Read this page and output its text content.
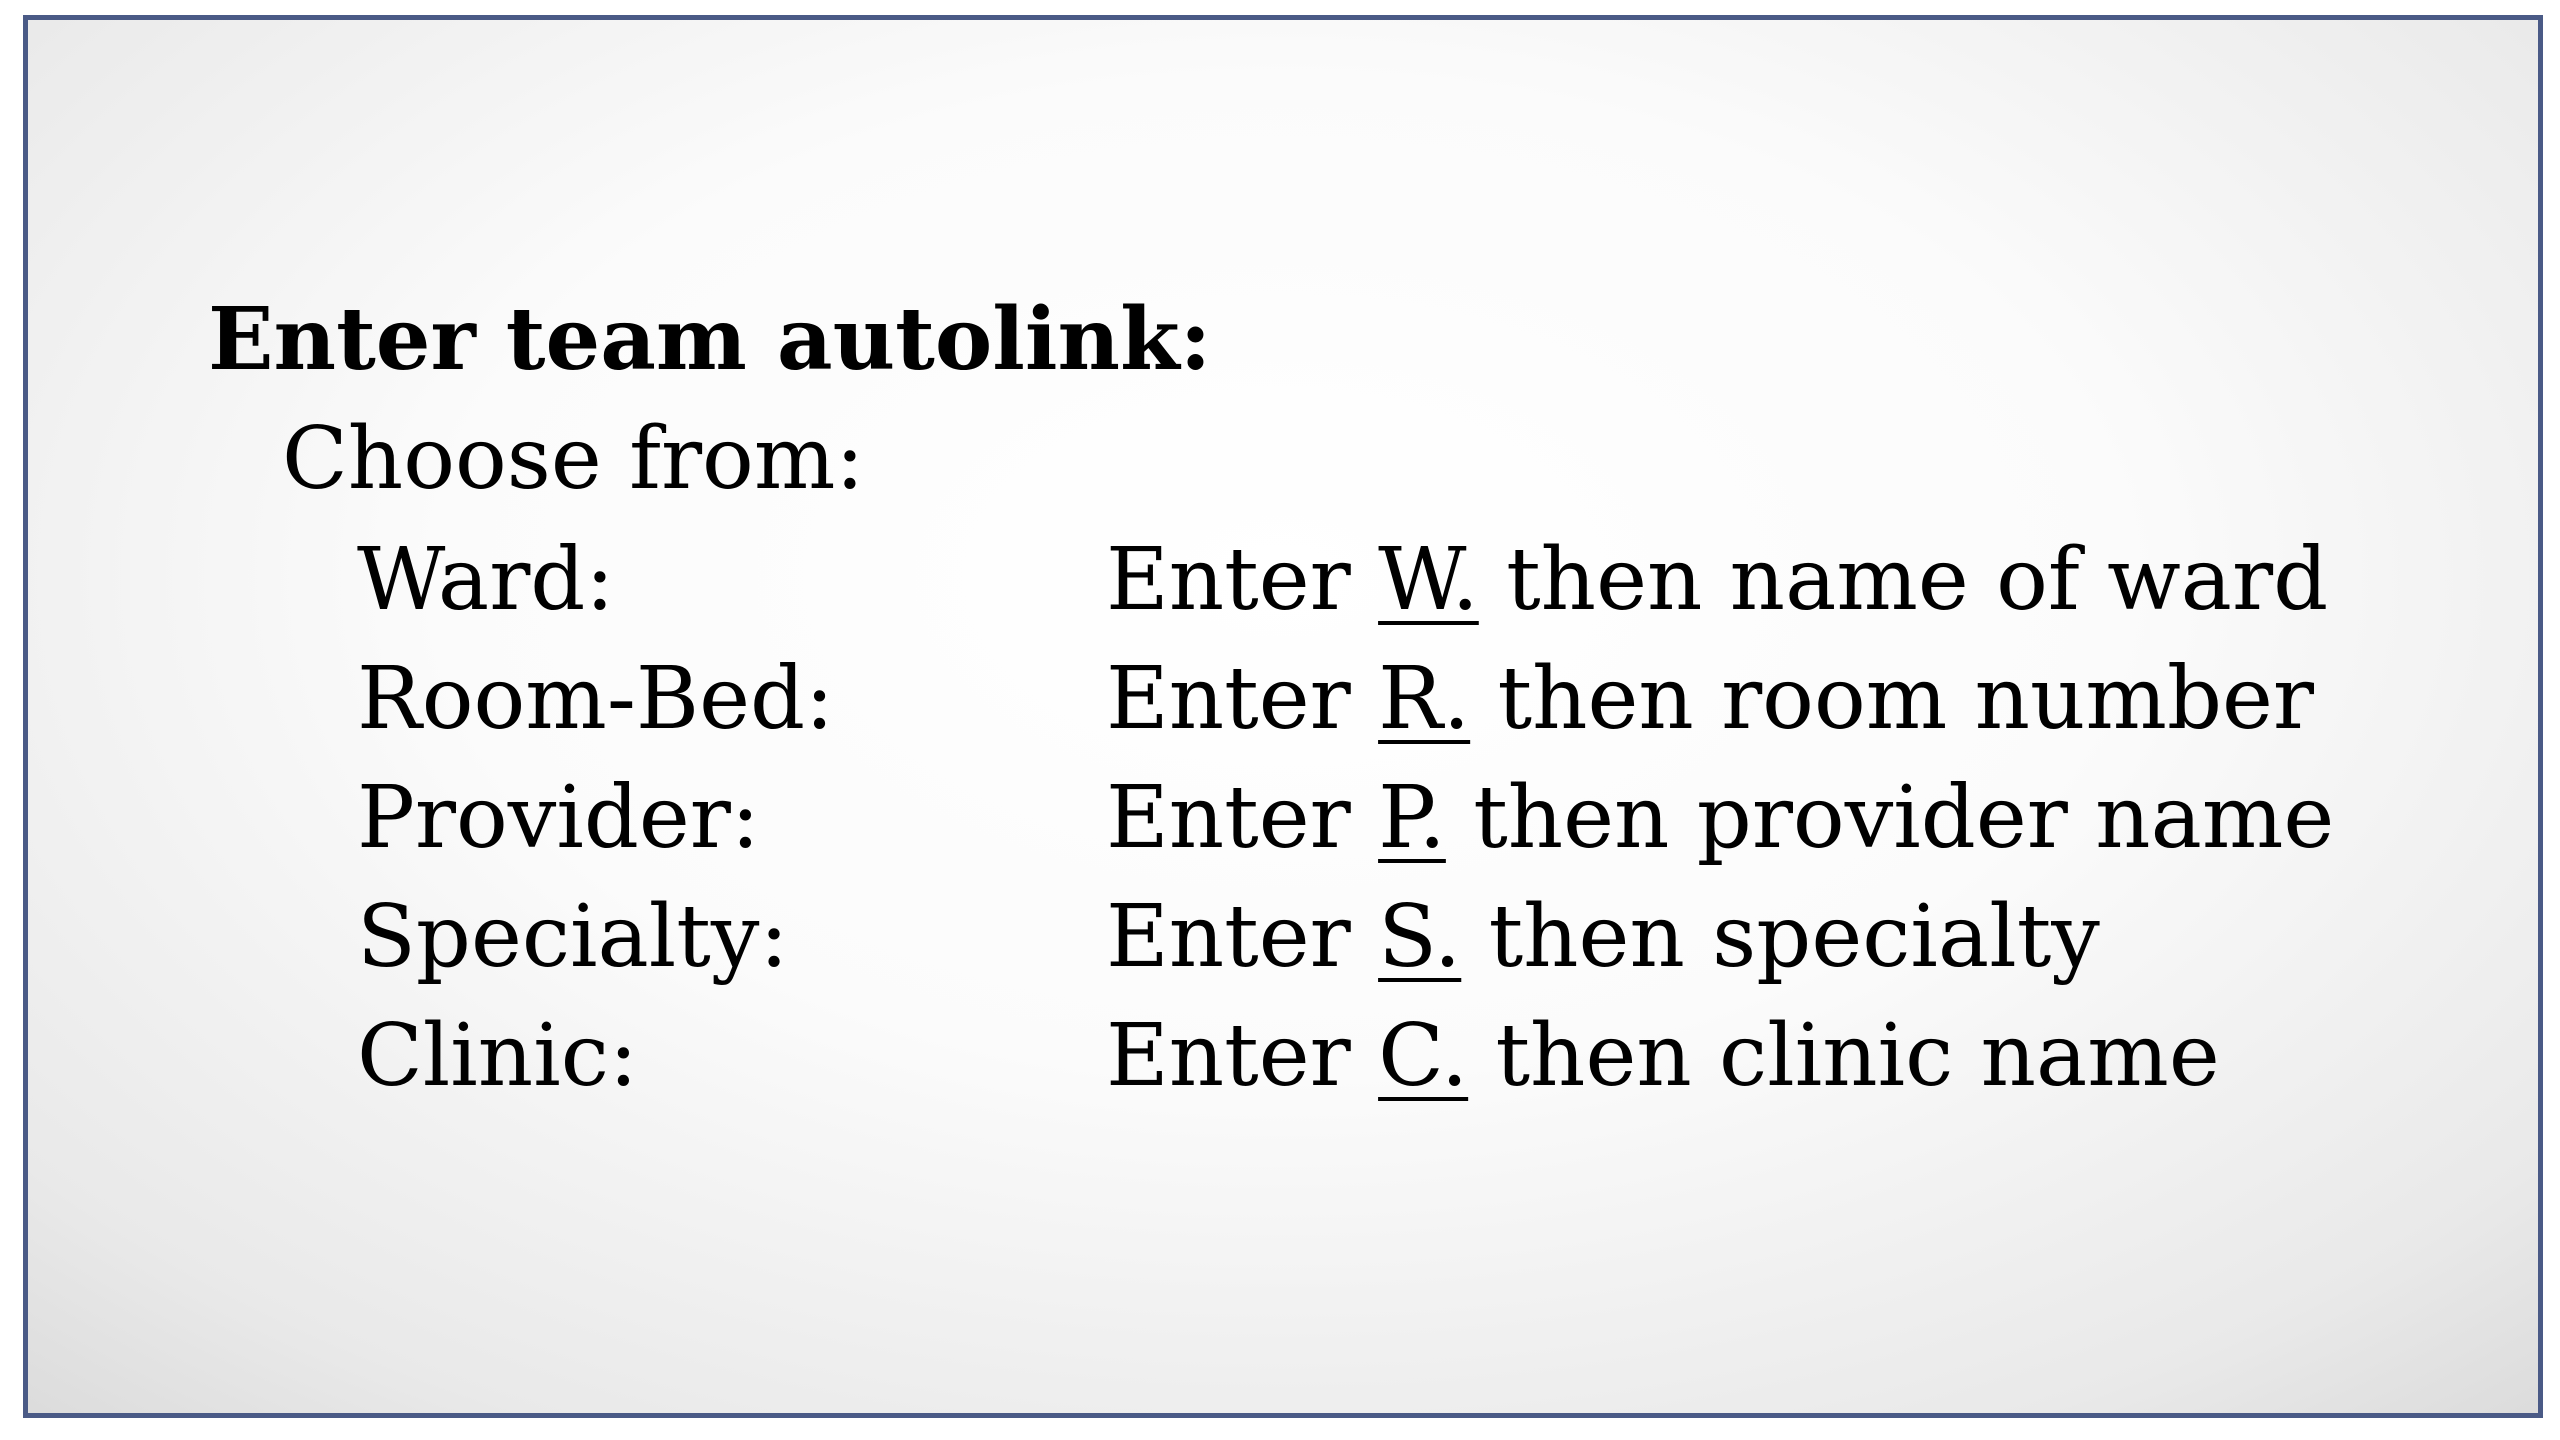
Enter team autolink:
Choose from:
Ward:	Enter W. then name of ward
Room-Bed:	Enter R. then room number
Provider:	Enter P. then provider name
Specialty:	Enter S. then specialty
Clinic:	Enter C. then clinic name
